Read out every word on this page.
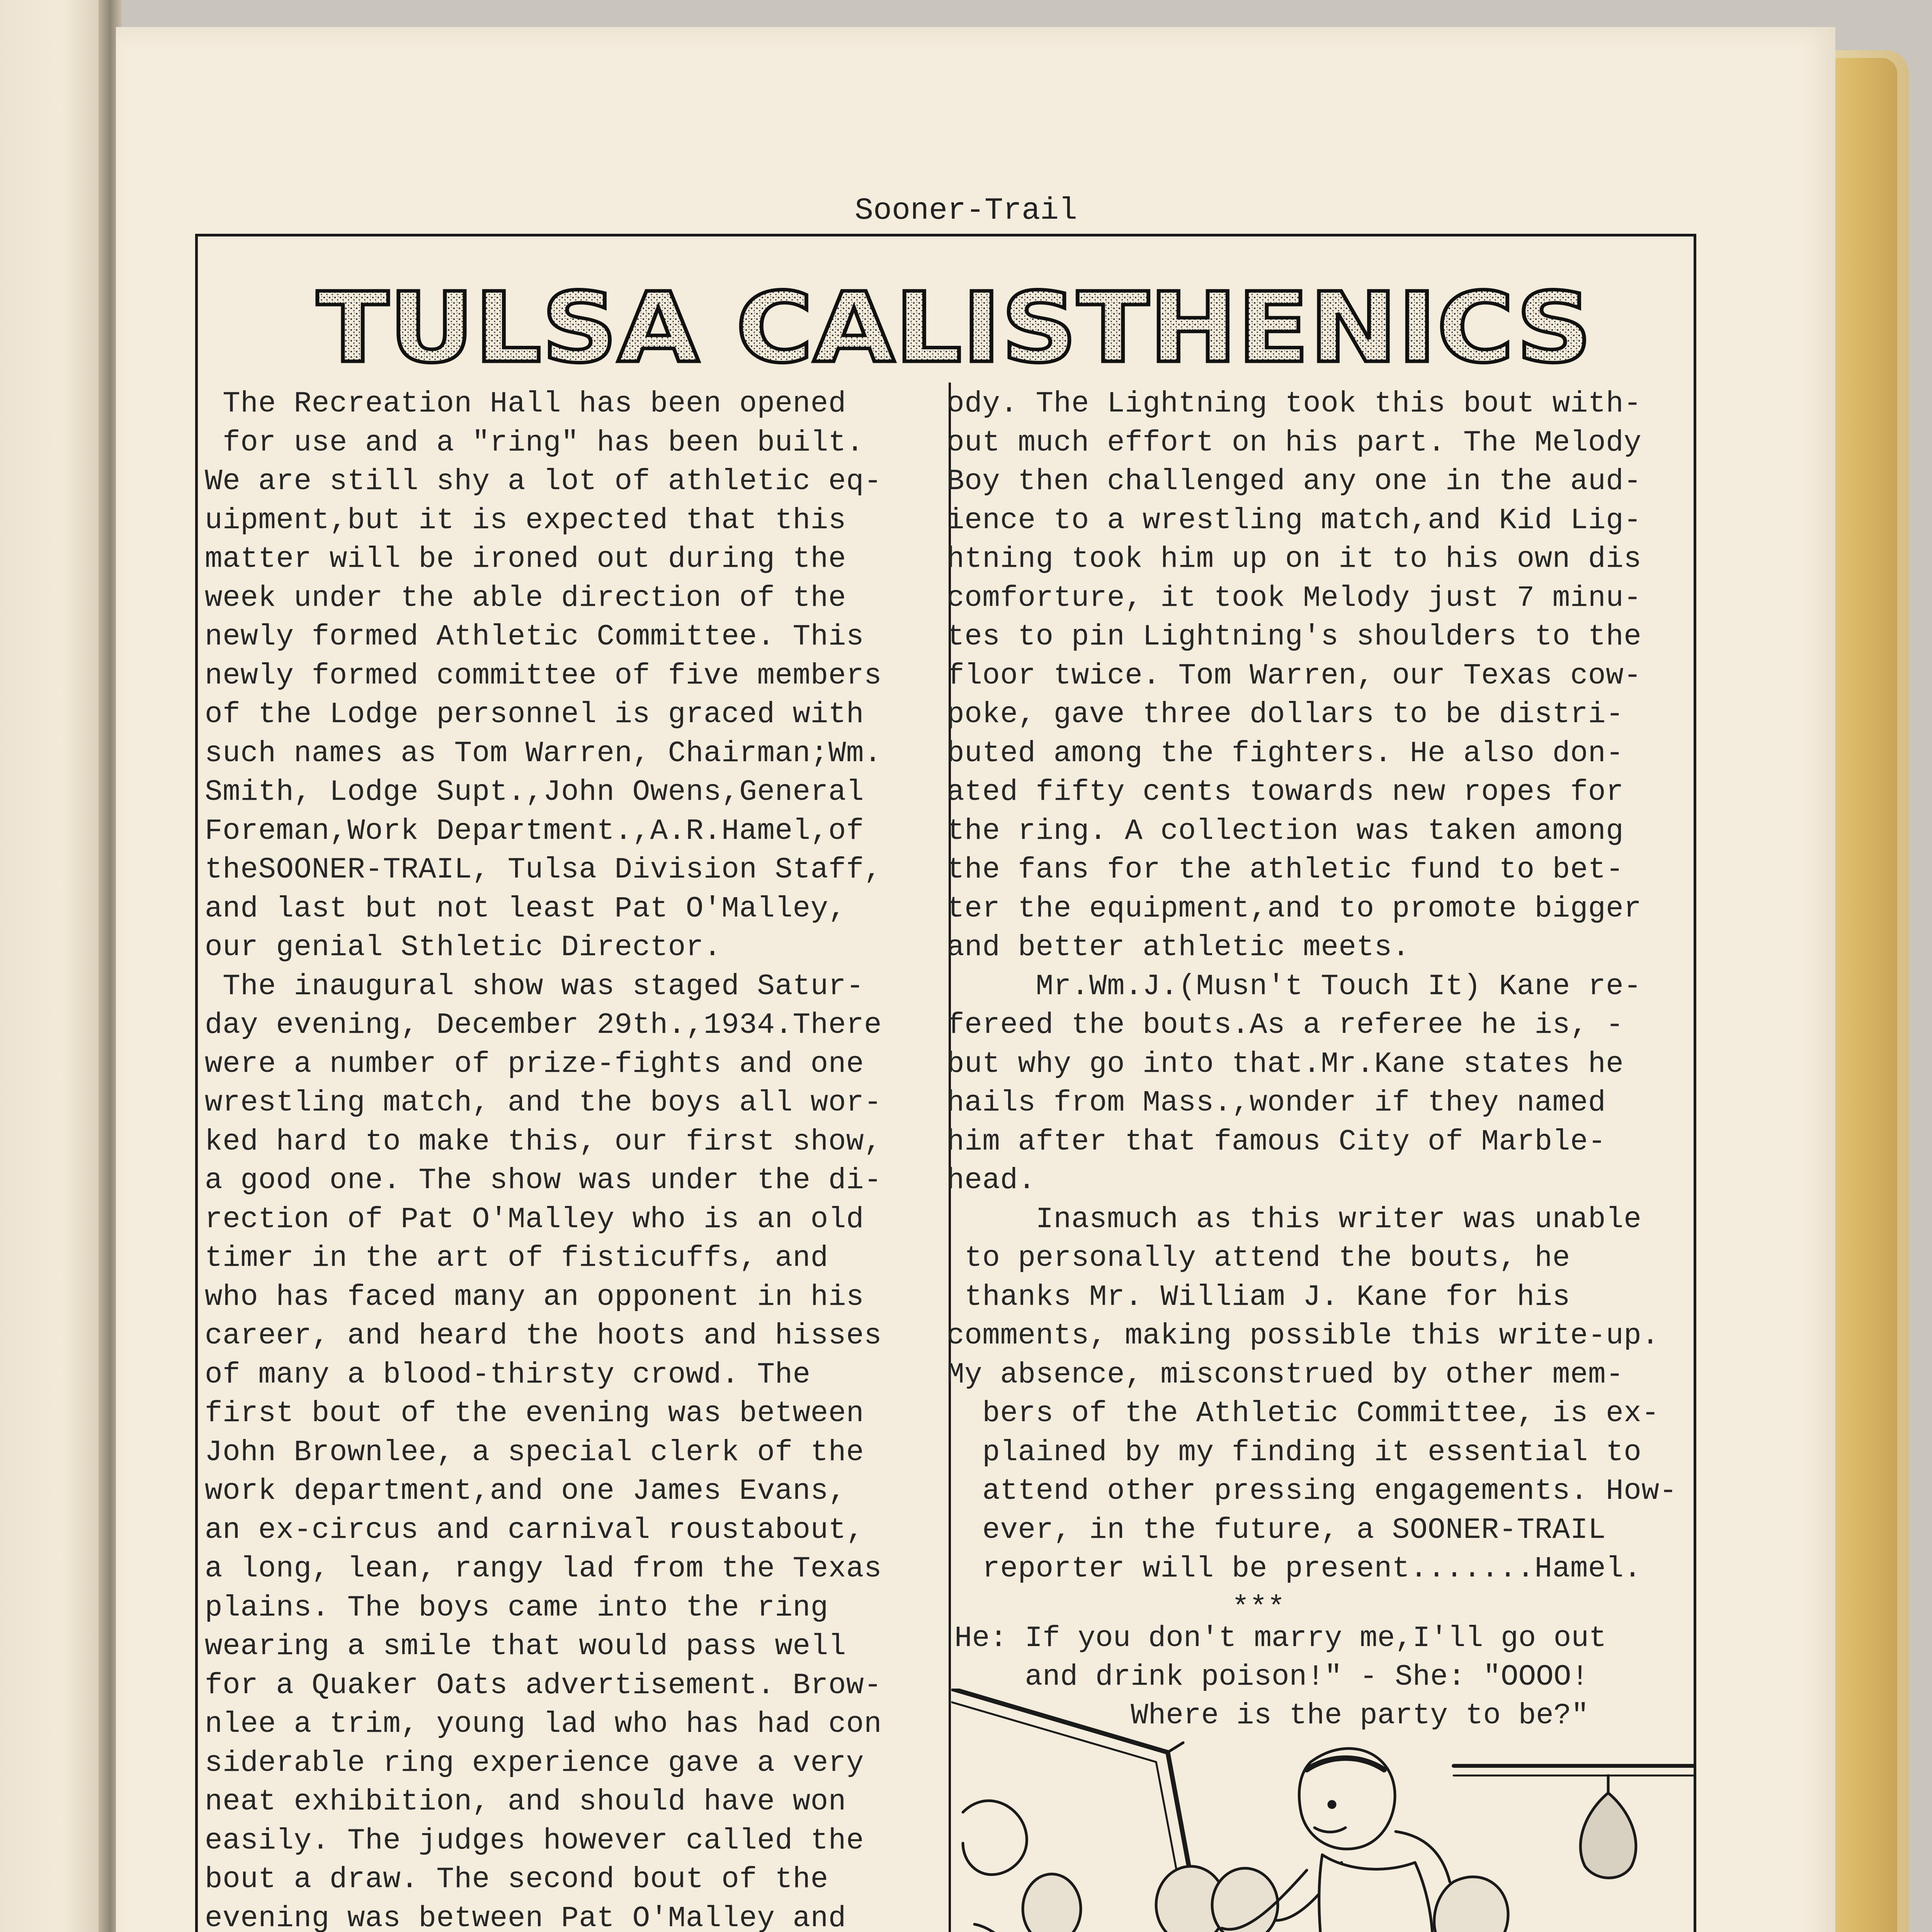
Sooner-Trail
TULSA CALISTHENICS
The Recreation Hall has been opened
for use and a "ring" has been built.
We are still shy a lot of athletic eq-
uipment,but it is expected that this
matter will be ironed out during the
week under the able direction of the
newly formed Athletic Committee. This
newly formed committee of five members
of the Lodge personnel is graced with
such names as Tom Warren, Chairman;Wm.
Smith, Lodge Supt.,John Owens,General
Foreman,Work Department.,A.R.Hamel,of
theSOONER-TRAIL, Tulsa Division Staff,
and last but not least Pat O'Malley,
our genial Sthletic Director.
The inaugural show was staged Satur-
day evening, December 29th.,1934.There
were a number of prize-fights and one
wrestling match, and the boys all wor-
ked hard to make this, our first show,
a good one. The show was under the di-
rection of Pat O'Malley who is an old
timer in the art of fisticuffs, and
who has faced many an opponent in his
career, and heard the hoots and hisses
of many a blood-thirsty crowd. The
first bout of the evening was between
John Brownlee, a special clerk of the
work department,and one James Evans,
an ex-circus and carnival roustabout,
a long, lean, rangy lad from the Texas
plains. The boys came into the ring
wearing a smile that would pass well
for a Quaker Oats advertisement. Brow-
nlee a trim, young lad who has had con
siderable ring experience gave a very
neat exhibition, and should have won
easily. The judges however called the
bout a draw. The second bout of the
evening was between Pat O'Malley and
ody. The Lightning took this bout with-
out much effort on his part. The Melody
Boy then challenged any one in the aud-
ience to a wrestling match,and Kid Lig-
htning took him up on it to his own dis
comforture, it took Melody just 7 minu-
tes to pin Lightning's shoulders to the
floor twice. Tom Warren, our Texas cow-
poke, gave three dollars to be distri-
buted among the fighters. He also don-
ated fifty cents towards new ropes for
the ring. A collection was taken among
the fans for the athletic fund to bet-
ter the equipment,and to promote bigger
and better athletic meets.
Mr.Wm.J.(Musn't Touch It) Kane re-
fereed the bouts.As a referee he is, -
but why go into that.Mr.Kane states he
hails from Mass.,wonder if they named
him after that famous City of Marble-
head.
Inasmuch as this writer was unable
to personally attend the bouts, he
thanks Mr. William J. Kane for his
comments, making possible this write-up.
My absence, misconstrued by other mem-
bers of the Athletic Committee, is ex-
plained by my finding it essential to
attend other pressing engagements. How-
ever, in the future, a SOONER-TRAIL
reporter will be present.......Hamel.
***
He: If you don't marry me,I'll go out
and drink poison!" - She: "OOOO!
Where is the party to be?"
